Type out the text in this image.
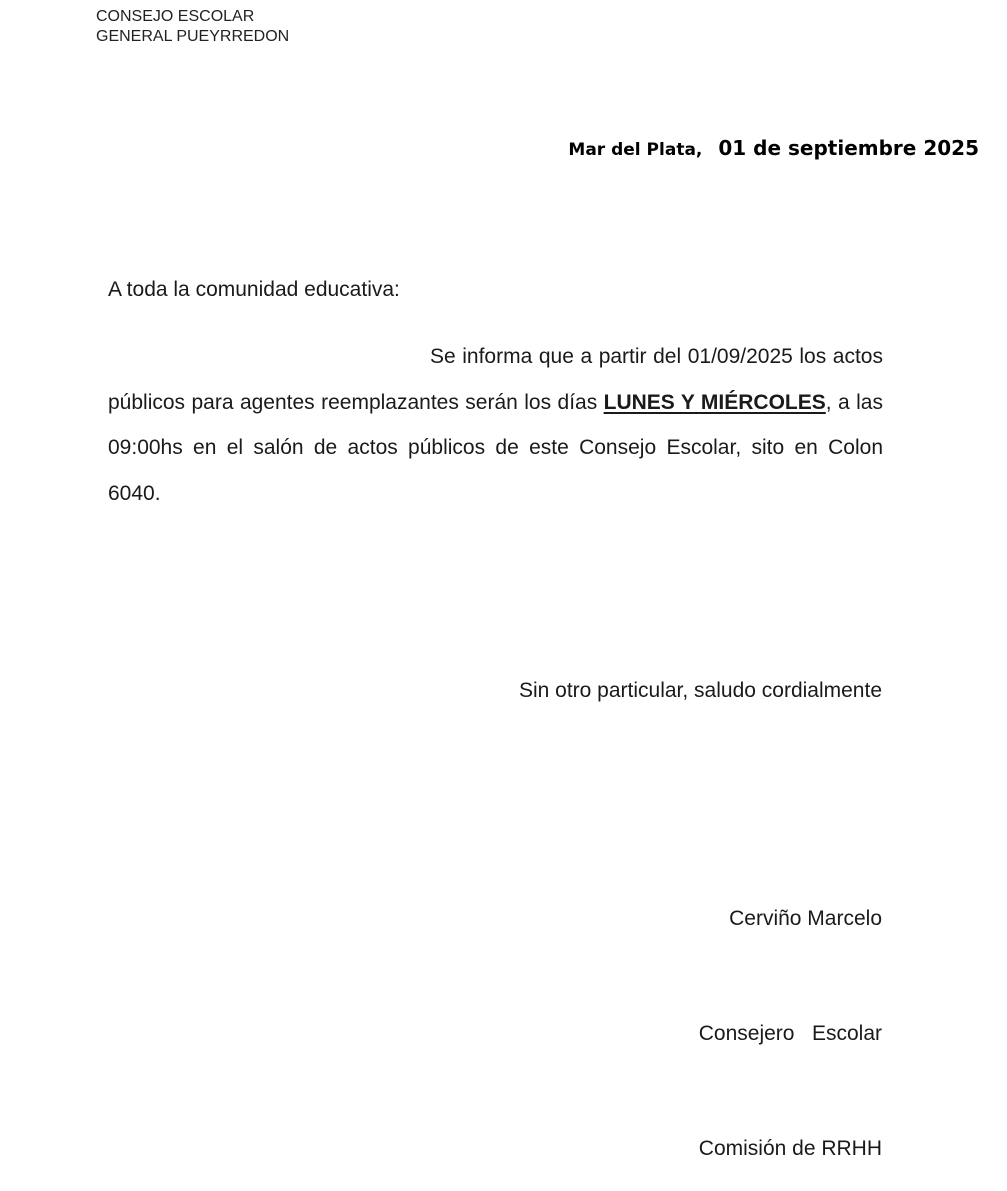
CONSEJO ESCOLAR
GENERAL PUEYRREDON
Mar del Plata, 01 de septiembre 2025
A toda la comunidad educativa:
Se informa que a partir del 01/09/2025 los actos públicos para agentes reemplazantes serán los días LUNES Y MIÉRCOLES, a las 09:00hs en el salón de actos públicos de este Consejo Escolar, sito en Colon 6040.
Sin otro particular, saludo cordialmente

Cerviño Marcelo

Consejero   Escolar

Comisión de RRHH
